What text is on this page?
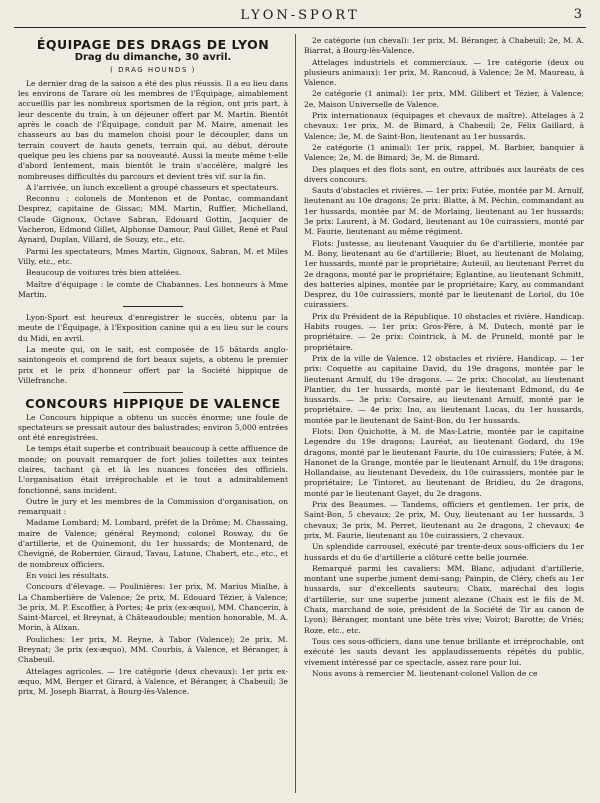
LYON-SPORT	3
ÉQUIPAGE DES DRAGS DE LYON
Drag du dimanche, 30 avril.
( DRAG HOUNDS )

Le dernier drag de la saison a été des plus réussis. Il a eu lieu dans les environs de Tarare où les membres de l'Équipage, aimablement accueillis par les nombreux sportsmen de la région, ont pris part, à leur descente du train, à un déjeuner offert par M. Martin. Bientôt après le coach de l'Équipage, conduit par M. Maire, amenait les chasseurs au bas du mamelon choisi pour le découpler, dans un terrain couvert de hauts genets, terrain qui, au début, déroute quelque peu les chiens par sa nouveauté. Aussi la meute même t-elle d'abord lentement, mais bientôt le train s'accélère, malgré les nombreuses difficultés du parcours et devient très vif. sur la fin.

A l'arrivée, un lunch excellent a groupé chasseurs et spectateurs.

Reconnu : colonels de Montenon et de Pontac, commandant Desprez, capitaine de Gissac; MM. Martin, Ruffier, Michelland, Claude Gignoux, Octave Sabran, Edouard Gottin, Jacquier de Vacheron, Edmond Gillet, Alphonse Damour, Paul Gillet, René et Paul Aynard, Duplan, Villard, de Souzy, etc., etc.

Parmi les spectateurs, Mmes Martin, Gignoux, Sabran, M. et Miles Villy, etc., etc.

Beaucoup de voitures très bien attelées.

Maître d'équipage : le comte de Chabannes. Les honneurs à Mme Martin.

Lyon-Sport est heureux d'enregistrer le succès, obtenu par la meute de l'Équipage, à l'Exposition canine qui a eu lieu sur le cours du Midi, en avril.

La meute qui, on le sait, est composée de 15 bâtards anglo-saintongeois et comprend de fort beaux sujets, a obtenu le premier prix et le prix d'honneur offert par la Société hippique de Villefranche.

CONCOURS HIPPIQUE DE VALENCE

Le Concours hippique a obtenu un succès énorme; une foule de spectateurs se pressait autour des balustrades; environ 5,000 entrées ont été enregistrées.

Le temps était superbe et contribuait beaucoup à cette affluence de monde; on pouvait remarquer de fort jolies toilettes aux teintes claires, tachant çà et là les nuances foncées des officiels. L'organisation était irréprochable et le tout a admirablement fonctionné, sans incident.

Outre le jury et les membres de la Commission d'organisation, on remarquait :

Madame Lombard; M. Lombard, préfet de la Drôme; M. Chassaing, maire de Valence; général Reymond; colonel Rosway, du 6e d'artillerie, et de Quinemont, du 1er hussards; de Montenard, de Chevigné, de Robernier, Giraud, Tavau, Latune, Chabert, etc., etc., et de nombreux officiers.

En voici les résultats.

Concours d'élevage. — Poulinières: 1er prix, M. Marius Mialhe, à La Chamberlière de Valence; 2e prix, M. Edouard Tézier, à Valence; 3e prix, M. P. Escoffier, à Portes; 4e prix (ex-æquo), MM. Chancerin, à Saint-Marcel, et Breynat, à Châteaudouble; mention honorable, M. A. Morin, à Alixan.

Pouliches: 1er prix, M. Reyne, à Tabor (Valence); 2e prix, M. Breynat; 3e prix (ex-æquo), MM. Courbis, à Valence, et Béranger, à Chabeuil.

Attelages agricoles. — 1re catégorie (deux chevaux): 1er prix ex-æquo, MM. Berger et Girard, à Valence, et Béranger, à Chabeuil; 3e prix, M. Joseph Biarrat, à Bourg-lès-Valence.

2e catégorie (un cheval): 1er prix, M. Béranger, à Chabeuil; 2e, M. A. Biarrat, à Bourg-lès-Valence.

Attelages industriels et commerciaux. — 1re catégorie (deux ou plusieurs animaux): 1er prix, M. Rancoud, à Valence; 2e M. Maureau, à Valence.

2e catégorie (1 animal): 1er prix, MM. Gilibert et Tézier, à Valence; 2e, Maison Universelle de Valence.

Prix internationaux (équipages et chevaux de maître). Attelages à 2 chevaux: 1er prix, M. de Bimard, à Chabeuil; 2e, Félix Gaillard, à Valence; 3e, M. de Saint-Bon, lieutenant au 1er hussards.

2e catégorie (1 animal): 1er prix, rappel, M. Barbier, banquier à Valence; 2e, M. de Bimard; 3e, M. de Bimard.

Des plaques et des flots sont, en outre, attribués aux lauréats de ces divers concours.

Sauts d'obstacles et rivières. — 1er prix: Futée, montée par M. Arnulf, lieutenant au 10e dragons; 2e prix: Blatte, à M. Péchin, commandant au 1er hussards, montée par M. de Morlaing, lieutenant au 1er hussards; 3e prix: Laurent, à M. Godard, lieutenant au 10e cuirassiers, monté par M. Faurie, lieutenant au même régiment.

Flots: Justesse, au lieutenant Vauquier du 6e d'artillerie, montée par M. Bony, lieutenant au 6e d'artillerie; Bluet, au lieutenant de Molaing, 1er hussards, monté par le propriétaire; Auteuil, au lieutenant Perret du 2e dragons, monté par le propriétaire; Eglantine, au lieutenant Schmitt, des batteries alpines, montée par le propriétaire; Kary, au commandant Desprez, du 10e cuirassiers, monté par le lieutenant de Loriol, du 10e cuirassiers.

Prix du Président de la République. 10 obstacles et rivière. Handicap. Habits rouges. — 1er prix: Gros-Père, à M. Dutech, monté par le propriétaire. — 2e prix: Cointrick, à M. de Pruneld, monté par le propriétaire.

Prix de la ville de Valence. 12 obstacles et rivière. Handicap. — 1er prix: Coquette au capitaine David, du 19e dragons, montée par le lieutenant Arnulf, du 19e dragons. — 2e prix: Chocolat, au lieutenant Plantier, du 1er hussards, monté par le lieutenant Edmond, du 4e hussards. — 3e prix: Corsaire, au lieutenant Arnulf, monté par le propriétaire. — 4e prix: Ino, au lieutenant Lucas, du 1er hussards, montée par le lieutenant de Saint-Bon, du 1er hussards.

Flots: Don Quichotte, à M. de Mas-Latrie, montée par le capitaine Legendre du 19e dragons; Lauréat, au lieutenant Godard, du 19e dragons, monté par le lieutenant Faurie, du 10e cuirassiers; Futée, à M. Hanonet de la Grange, montée par le lieutenant Arnulf, du 19e dragons; Hollandaise, au lieutenant Devedeix, du 10e cuirassiers, montée par le propriétaire; Le Tintoret, au lieutenant de Bridieu, du 2e dragons, monté par le lieutenant Gayet, du 2e dragons.

Prix des Beaumes. — Tandems, officiers et gentlemen. 1er prix, de Saint-Bon, 5 chevaux; 2e prix, M. Ouy, lieutenant au 1er hussards, 3 chevaux; 3e prix, M. Perret, lieutenant au 2e dragons, 2 chevaux; 4e prix, M. Faurie, lieutenant au 10e cuirassiers, 2 chevaux.

Un splendide carrousel, exécuté par trente-deux sous-officiers du 1er hussards et du 6e d'artillerie a clôturé cette belle journée.

Remarqué parmi les cavaliers: MM. Blanc, adjudant d'artillerie, montant une superbe jument demi-sang; Painpin, de Cléry, chefs au 1er hussards, sur d'excellents sauteurs; Chaix, maréchal des logis d'artillerie, sur une superbe jument alezane (Chaix est le fils de M. Chaix, marchand de soie, président de la Société de Tir au canon de Lyon); Béranger, montant une bête très vive; Voirot; Barotte; de Vriès; Roze, etc., etc.

Tous ces sous-officiers, dans une tenue brillante et irréprochable, ont exécuté les sauts devant les applaudissements répétés du public, vivement intéressé par ce spectacle, assez rare pour lui.

Nous avons à remercier M. lieutenant-colonel Vallon de ce
